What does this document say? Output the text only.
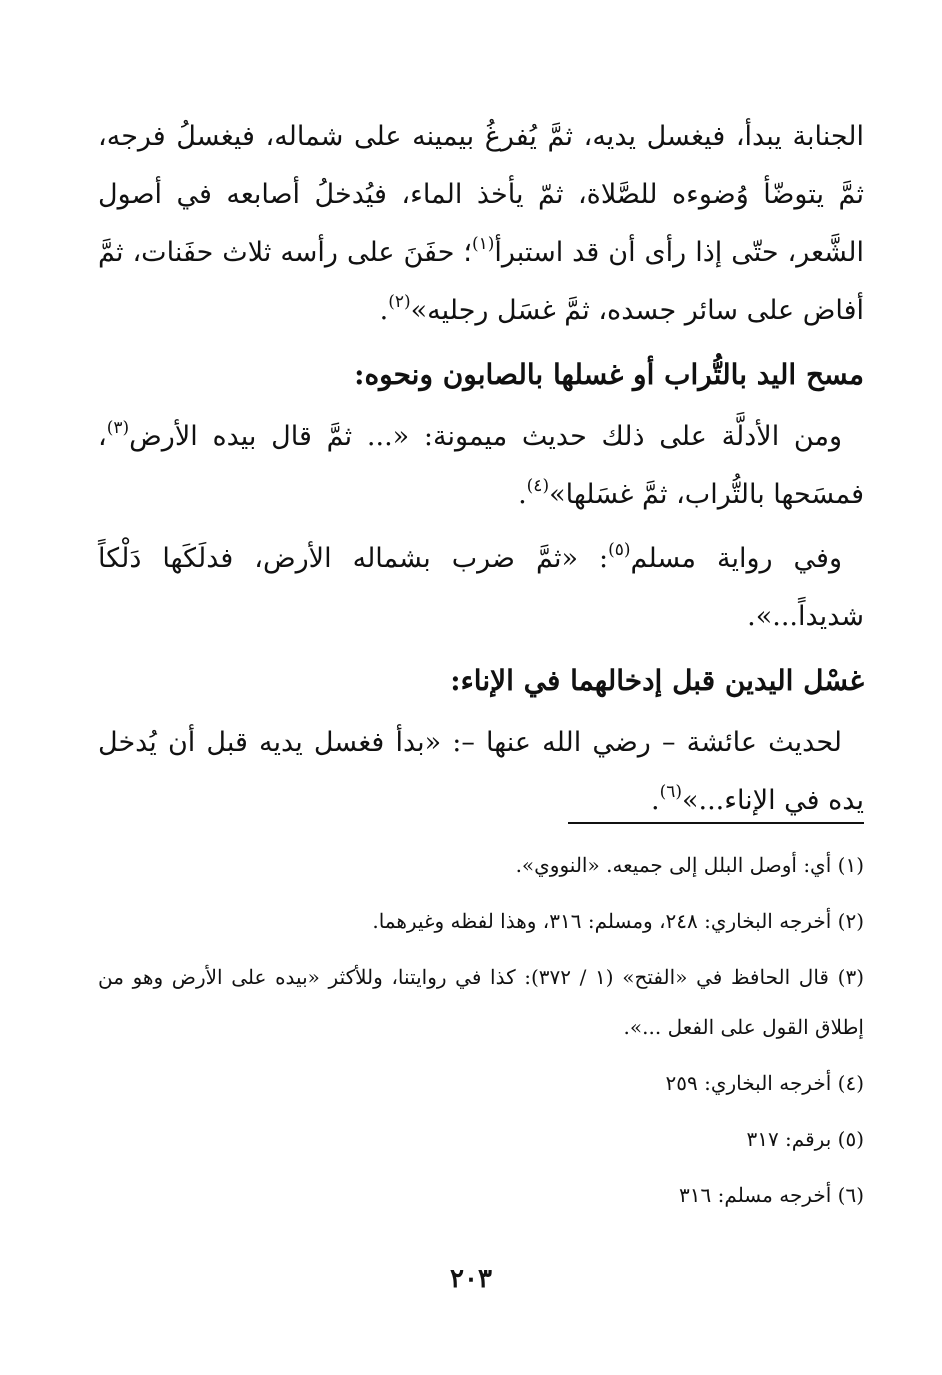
الجنابة يبدأ، فيغسل يديه، ثمَّ يُفرغُ بيمينه على شماله، فيغسلُ فرجه، ثمَّ يتوضّأ وُضوءه للصَّلاة، ثمّ يأخذ الماء، فيُدخلُ أصابعه في أصول الشَّعر، حتّى إذا رأى أن قد استبرأ$^{(١)}$؛ حفَنَ على رأسه ثلاث حفَنات، ثمَّ أفاض على سائر جسده، ثمَّ غسَل رجليه»$^{(٢)}$.

مسح اليد بالتُّراب أو غسلها بالصابون ونحوه:

ومن الأدلَّة على ذلك حديث ميمونة: «... ثمَّ قال بيده الأرض$^{(٣)}$، فمسَحها بالتُّراب، ثمَّ غسَلها»$^{(٤)}$.

وفي رواية مسلم$^{(٥)}$: «ثمَّ ضرب بشماله الأرض، فدلَكَها دَلْكاً شديداً...».

غسْل اليدين قبل إدخالهما في الإناء:

لحديث عائشة – رضي الله عنها –: «بدأ فغسل يديه قبل أن يُدخل يده في الإناء...»$^{(٦)}$.

(١) أي: أوصل البلل إلى جميعه. «النووي».

(٢) أخرجه البخاري: ٢٤٨، ومسلم: ٣١٦، وهذا لفظه وغيرهما.

(٣) قال الحافظ في «الفتح» (١ / ٣٧٢): كذا في روايتنا، وللأكثر «بيده على الأرض وهو من إطلاق القول على الفعل ...».

(٤) أخرجه البخاري: ٢٥٩

(٥) برقم: ٣١٧

(٦) أخرجه مسلم: ٣١٦

٢٠٣
